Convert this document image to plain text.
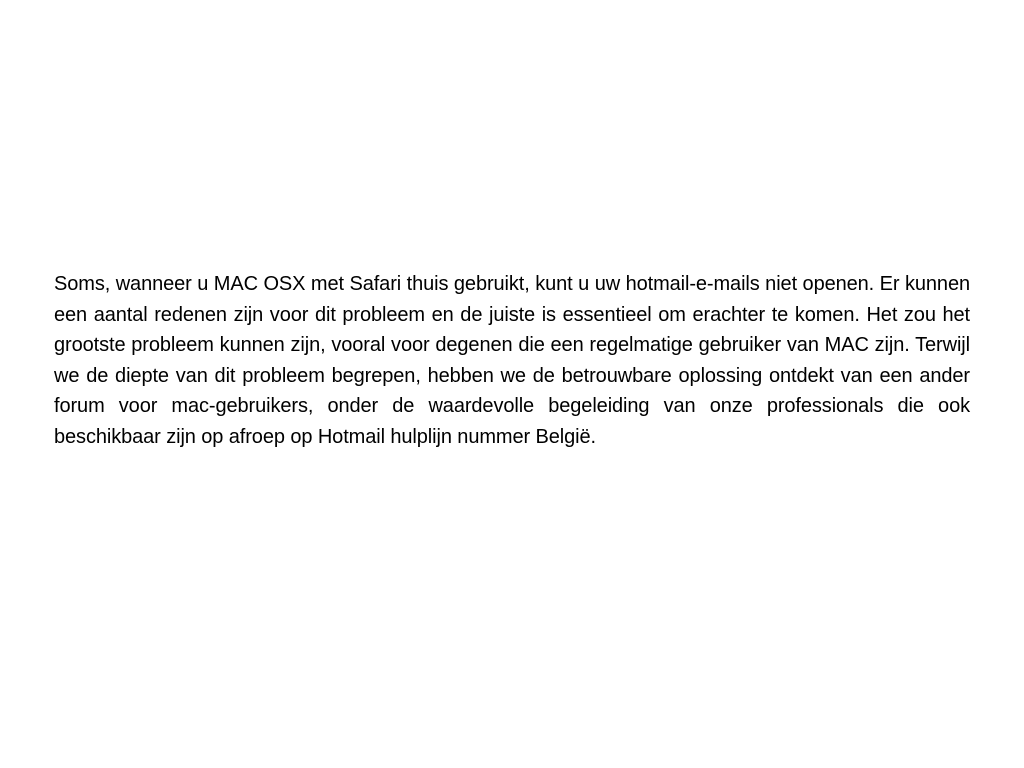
Soms, wanneer u MAC OSX met Safari thuis gebruikt, kunt u uw hotmail-e-mails niet openen. Er kunnen een aantal redenen zijn voor dit probleem en de juiste is essentieel om erachter te komen. Het zou het grootste probleem kunnen zijn, vooral voor degenen die een regelmatige gebruiker van MAC zijn. Terwijl we de diepte van dit probleem begrepen, hebben we de betrouwbare oplossing ontdekt van een ander forum voor mac-gebruikers, onder de waardevolle begeleiding van onze professionals die ook beschikbaar zijn op afroep op Hotmail hulplijn nummer België.
